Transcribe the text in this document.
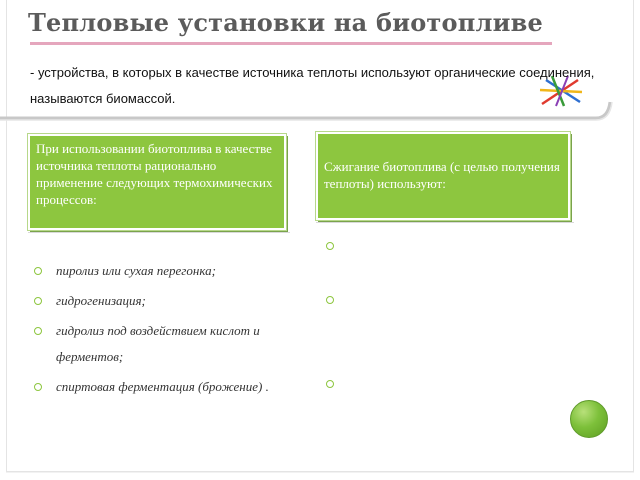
Тепловые установки на биотопливе
- устройства, в которых в качестве источника теплоты используют органические соединения, называются биомассой.
При использовании биотоплива в качестве источника теплоты рационально применение следующих термохимических процессов:
Сжигание биотоплива (с целью получения теплоты) используют:
пиролиз или сухая перегонка;
гидрогенизация;
гидролиз под воздействием кислот и ферментов;
спиртовая ферментация (брожение) .
